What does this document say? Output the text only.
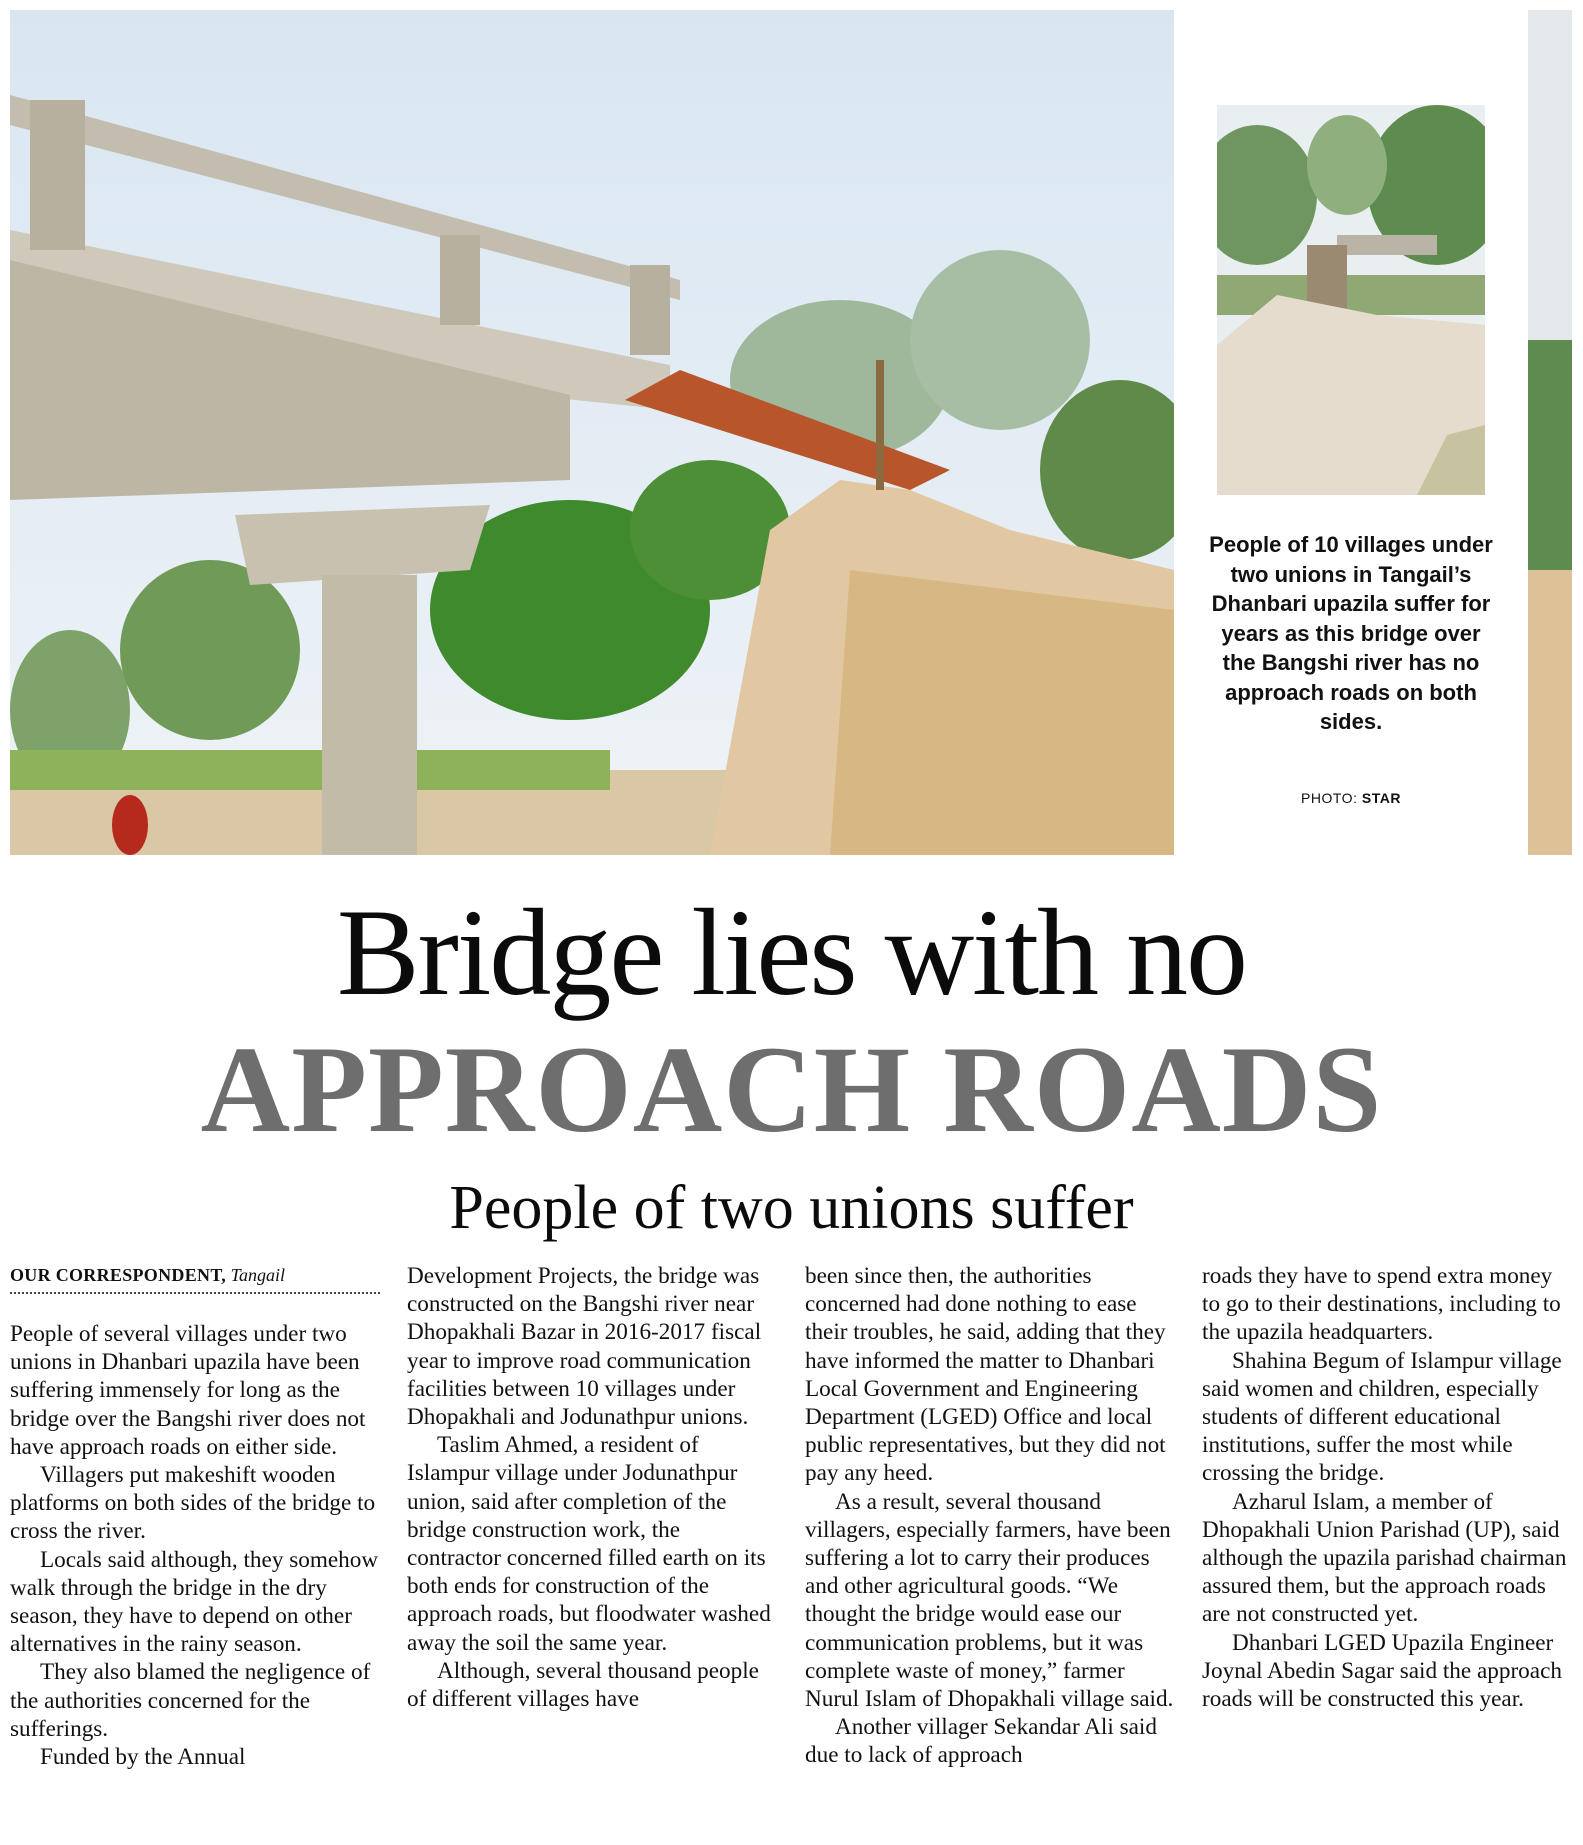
People of 10 villages under two unions in Tangail’s Dhanbari upazila suffer for years as this bridge over the Bangshi river has no approach roads on both sides.
PHOTO: STAR
Bridge lies with no
APPROACH ROADS
People of two unions suffer
OUR CORRESPONDENT, Tangail

People of several villages under two unions in Dhanbari upazila have been suffering immensely for long as the bridge over the Bangshi river does not have approach roads on either side.

Villagers put makeshift wooden platforms on both sides of the bridge to cross the river.

Locals said although, they somehow walk through the bridge in the dry season, they have to depend on other alternatives in the rainy season.

They also blamed the negligence of the authorities concerned for the sufferings.

Funded by the Annual

Development Projects, the bridge was constructed on the Bangshi river near Dhopakhali Bazar in 2016-2017 fiscal year to improve road communication facilities between 10 villages under Dhopakhali and Jodunathpur unions.

Taslim Ahmed, a resident of Islampur village under Jodunathpur union, said after completion of the bridge construction work, the contractor concerned filled earth on its both ends for construction of the approach roads, but floodwater washed away the soil the same year.

Although, several thousand people of different villages have

been since then, the authorities concerned had done nothing to ease their troubles, he said, adding that they have informed the matter to Dhanbari Local Government and Engineering Department (LGED) Office and local public representatives, but they did not pay any heed.

As a result, several thousand villagers, especially farmers, have been suffering a lot to carry their produces and other agricultural goods. “We thought the bridge would ease our communication problems, but it was complete waste of money,” farmer Nurul Islam of Dhopakhali village said.

Another villager Sekandar Ali said due to lack of approach

roads they have to spend extra money to go to their destinations, including to the upazila headquarters.

Shahina Begum of Islampur village said women and children, especially students of different educational institutions, suffer the most while crossing the bridge.

Azharul Islam, a member of Dhopakhali Union Parishad (UP), said although the upazila parishad chairman assured them, but the approach roads are not constructed yet.

Dhanbari LGED Upazila Engineer Joynal Abedin Sagar said the approach roads will be constructed this year.
